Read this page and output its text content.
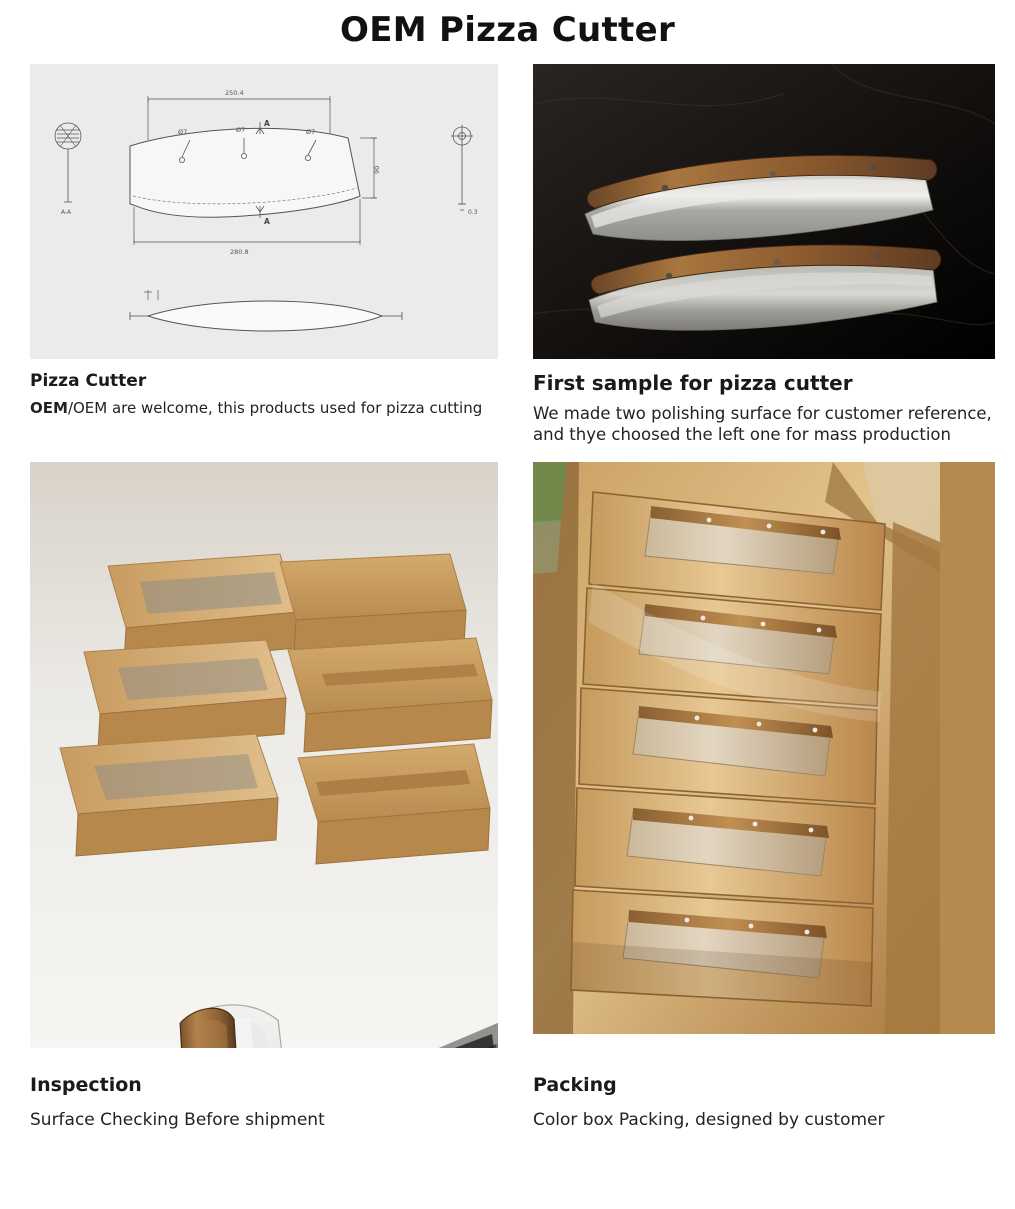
OEM Pizza Cutter
A-A
250.4
280.8
90
Ø7	Ø7	Ø7
A
A
0.3
Pizza Cutter

OEM/OEM are welcome, this products used for pizza cutting

First sample for pizza cutter

We made two polishing surface for customer reference, and thye choosed the left one for mass production

Inspection

Surface Checking Before shipment

Packing

Color box Packing, designed by customer
